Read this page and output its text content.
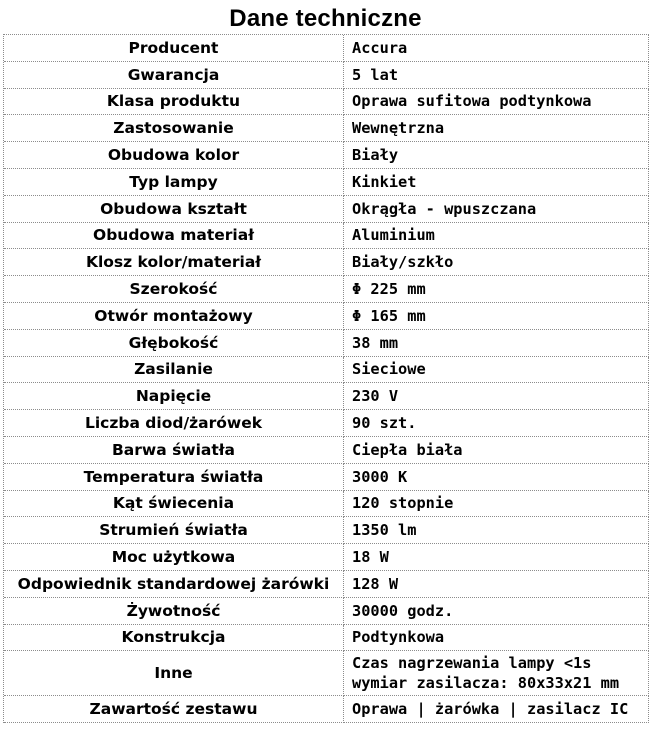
Dane techniczne
Producent	Accura
Gwarancja	5 lat
Klasa produktu	Oprawa sufitowa podtynkowa
Zastosowanie	Wewnętrzna
Obudowa kolor	Biały
Typ lampy	Kinkiet
Obudowa kształt	Okrągła - wpuszczana
Obudowa materiał	Aluminium
Klosz kolor/materiał	Biały/szkło
Szerokość	Φ 225 mm
Otwór montażowy	Φ 165 mm
Głębokość	38 mm
Zasilanie	Sieciowe
Napięcie	230 V
Liczba diod/żarówek	90 szt.
Barwa światła	Ciepła biała
Temperatura światła	3000 K
Kąt świecenia	120 stopnie
Strumień światła	1350 lm
Moc użytkowa	18 W
Odpowiednik standardowej żarówki	128 W
Żywotność	30000 godz.
Konstrukcja	Podtynkowa
Inne	Czas nagrzewania lampy <1s
wymiar zasilacza: 80x33x21 mm

Zawartość zestawu	Oprawa | żarówka | zasilacz IC
